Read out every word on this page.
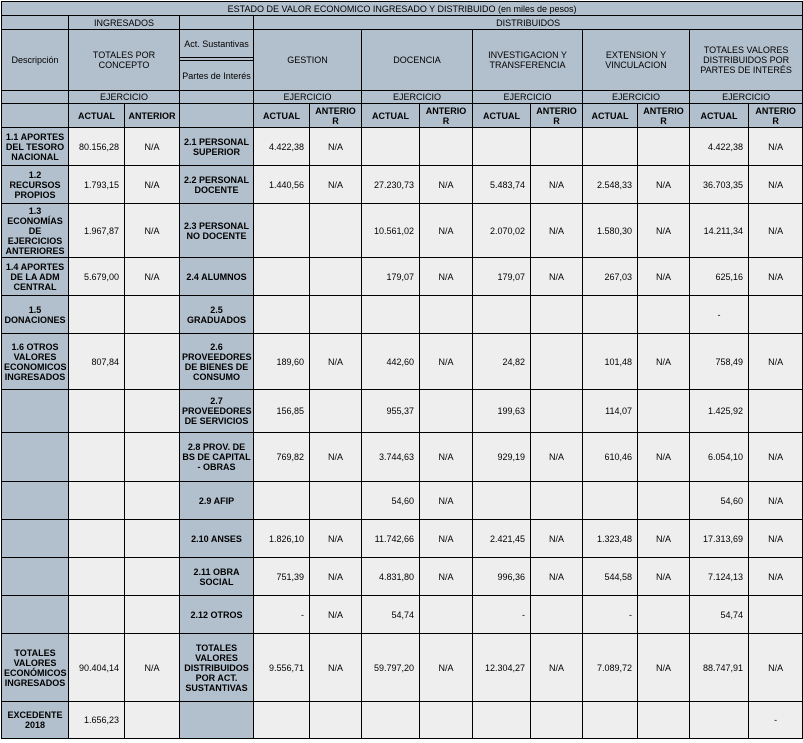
ESTADO DE VALOR ECONOMICO INGRESADO Y DISTRIBUIDO (en miles de pesos)													
	INGRESADOS			DISTRIBUIDOS									
Descripción	TOTALES POR CONCEPTO		Act. Sustantivas	GESTION		DOCENCIA		INVESTIGACION Y TRANSFERENCIA		EXTENSION Y VINCULACION		TOTALES VALORES DISTRIBUIDOS POR PARTES DE INTERÉS	

			Partes de Interés										
	EJERCICIO			EJERCICIO		EJERCICIO		EJERCICIO		EJERCICIO		EJERCICIO	
	ACTUAL	ANTERIOR		ACTUAL	ANTERIO R	ACTUAL	ANTERIO R	ACTUAL	ANTERIO R	ACTUAL	ANTERIO R	ACTUAL	ANTERIO R
1.1 APORTES DEL TESORO NACIONAL	80.156,28	N/A	2.1 PERSONAL SUPERIOR	4.422,38	N/A							4.422,38	N/A
1.2 RECURSOS PROPIOS	1.793,15	N/A	2.2 PERSONAL DOCENTE	1.440,56	N/A	27.230,73	N/A	5.483,74	N/A	2.548,33	N/A	36.703,35	N/A
1.3 ECONOMÍAS DE EJERCICIOS ANTERIORES	1.967,87	N/A	2.3 PERSONAL NO DOCENTE			10.561,02	N/A	2.070,02	N/A	1.580,30	N/A	14.211,34	N/A
1.4 APORTES DE LA ADM CENTRAL	5.679,00	N/A	2.4 ALUMNOS			179,07	N/A	179,07	N/A	267,03	N/A	625,16	N/A
1.5 DONACIONES			2.5 GRADUADOS									-	
1.6 OTROS VALORES ECONOMICOS INGRESADOS	807,84		2.6 PROVEEDORES DE BIENES DE CONSUMO	189,60	N/A	442,60	N/A	24,82		101,48	N/A	758,49	N/A
			2.7 PROVEEDORES DE SERVICIOS	156,85		955,37		199,63		114,07		1.425,92	
			2.8 PROV. DE BS DE CAPITAL - OBRAS	769,82	N/A	3.744,63	N/A	929,19	N/A	610,46	N/A	6.054,10	N/A
			2.9 AFIP			54,60	N/A					54,60	N/A
			2.10 ANSES	1.826,10	N/A	11.742,66	N/A	2.421,45	N/A	1.323,48	N/A	17.313,69	N/A
			2.11 OBRA SOCIAL	751,39	N/A	4.831,80	N/A	996,36	N/A	544,58	N/A	7.124,13	N/A
			2.12 OTROS	-	N/A	54,74		-		-		54,74	
TOTALES VALORES ECONÓMICOS INGRESADOS	90.404,14	N/A	TOTALES VALORES DISTRIBUIDOS POR ACT. SUSTANTIVAS	9.556,71	N/A	59.797,20	N/A	12.304,27	N/A	7.089,72	N/A	88.747,91	N/A
EXCEDENTE 2018	1.656,23												-
